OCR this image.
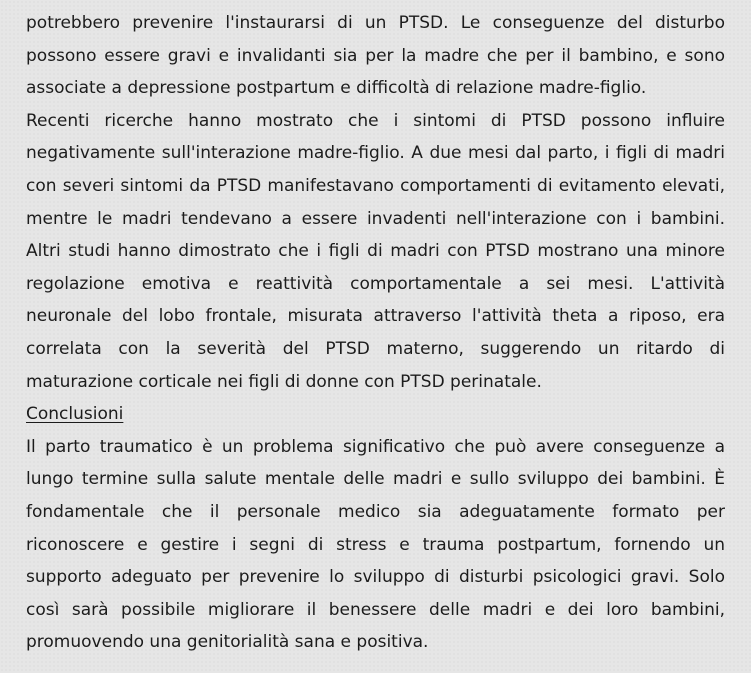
potrebbero prevenire l'instaurarsi di un PTSD. Le conseguenze del disturbo
possono essere gravi e invalidanti sia per la madre che per il bambino, e sono
associate a depressione postpartum e difficoltà di relazione madre-figlio.
Recenti ricerche hanno mostrato che i sintomi di PTSD possono influire
negativamente sull'interazione madre-figlio. A due mesi dal parto, i figli di madri
con severi sintomi da PTSD manifestavano comportamenti di evitamento elevati,
mentre le madri tendevano a essere invadenti nell'interazione con i bambini.
Altri studi hanno dimostrato che i figli di madri con PTSD mostrano una minore
regolazione emotiva e reattività comportamentale a sei mesi. L'attività
neuronale del lobo frontale, misurata attraverso l'attività theta a riposo, era
correlata con la severità del PTSD materno, suggerendo un ritardo di
maturazione corticale nei figli di donne con PTSD perinatale.
Conclusioni
Il parto traumatico è un problema significativo che può avere conseguenze a
lungo termine sulla salute mentale delle madri e sullo sviluppo dei bambini. È
fondamentale che il personale medico sia adeguatamente formato per
riconoscere e gestire i segni di stress e trauma postpartum, fornendo un
supporto adeguato per prevenire lo sviluppo di disturbi psicologici gravi. Solo
così sarà possibile migliorare il benessere delle madri e dei loro bambini,
promuovendo una genitorialità sana e positiva.
